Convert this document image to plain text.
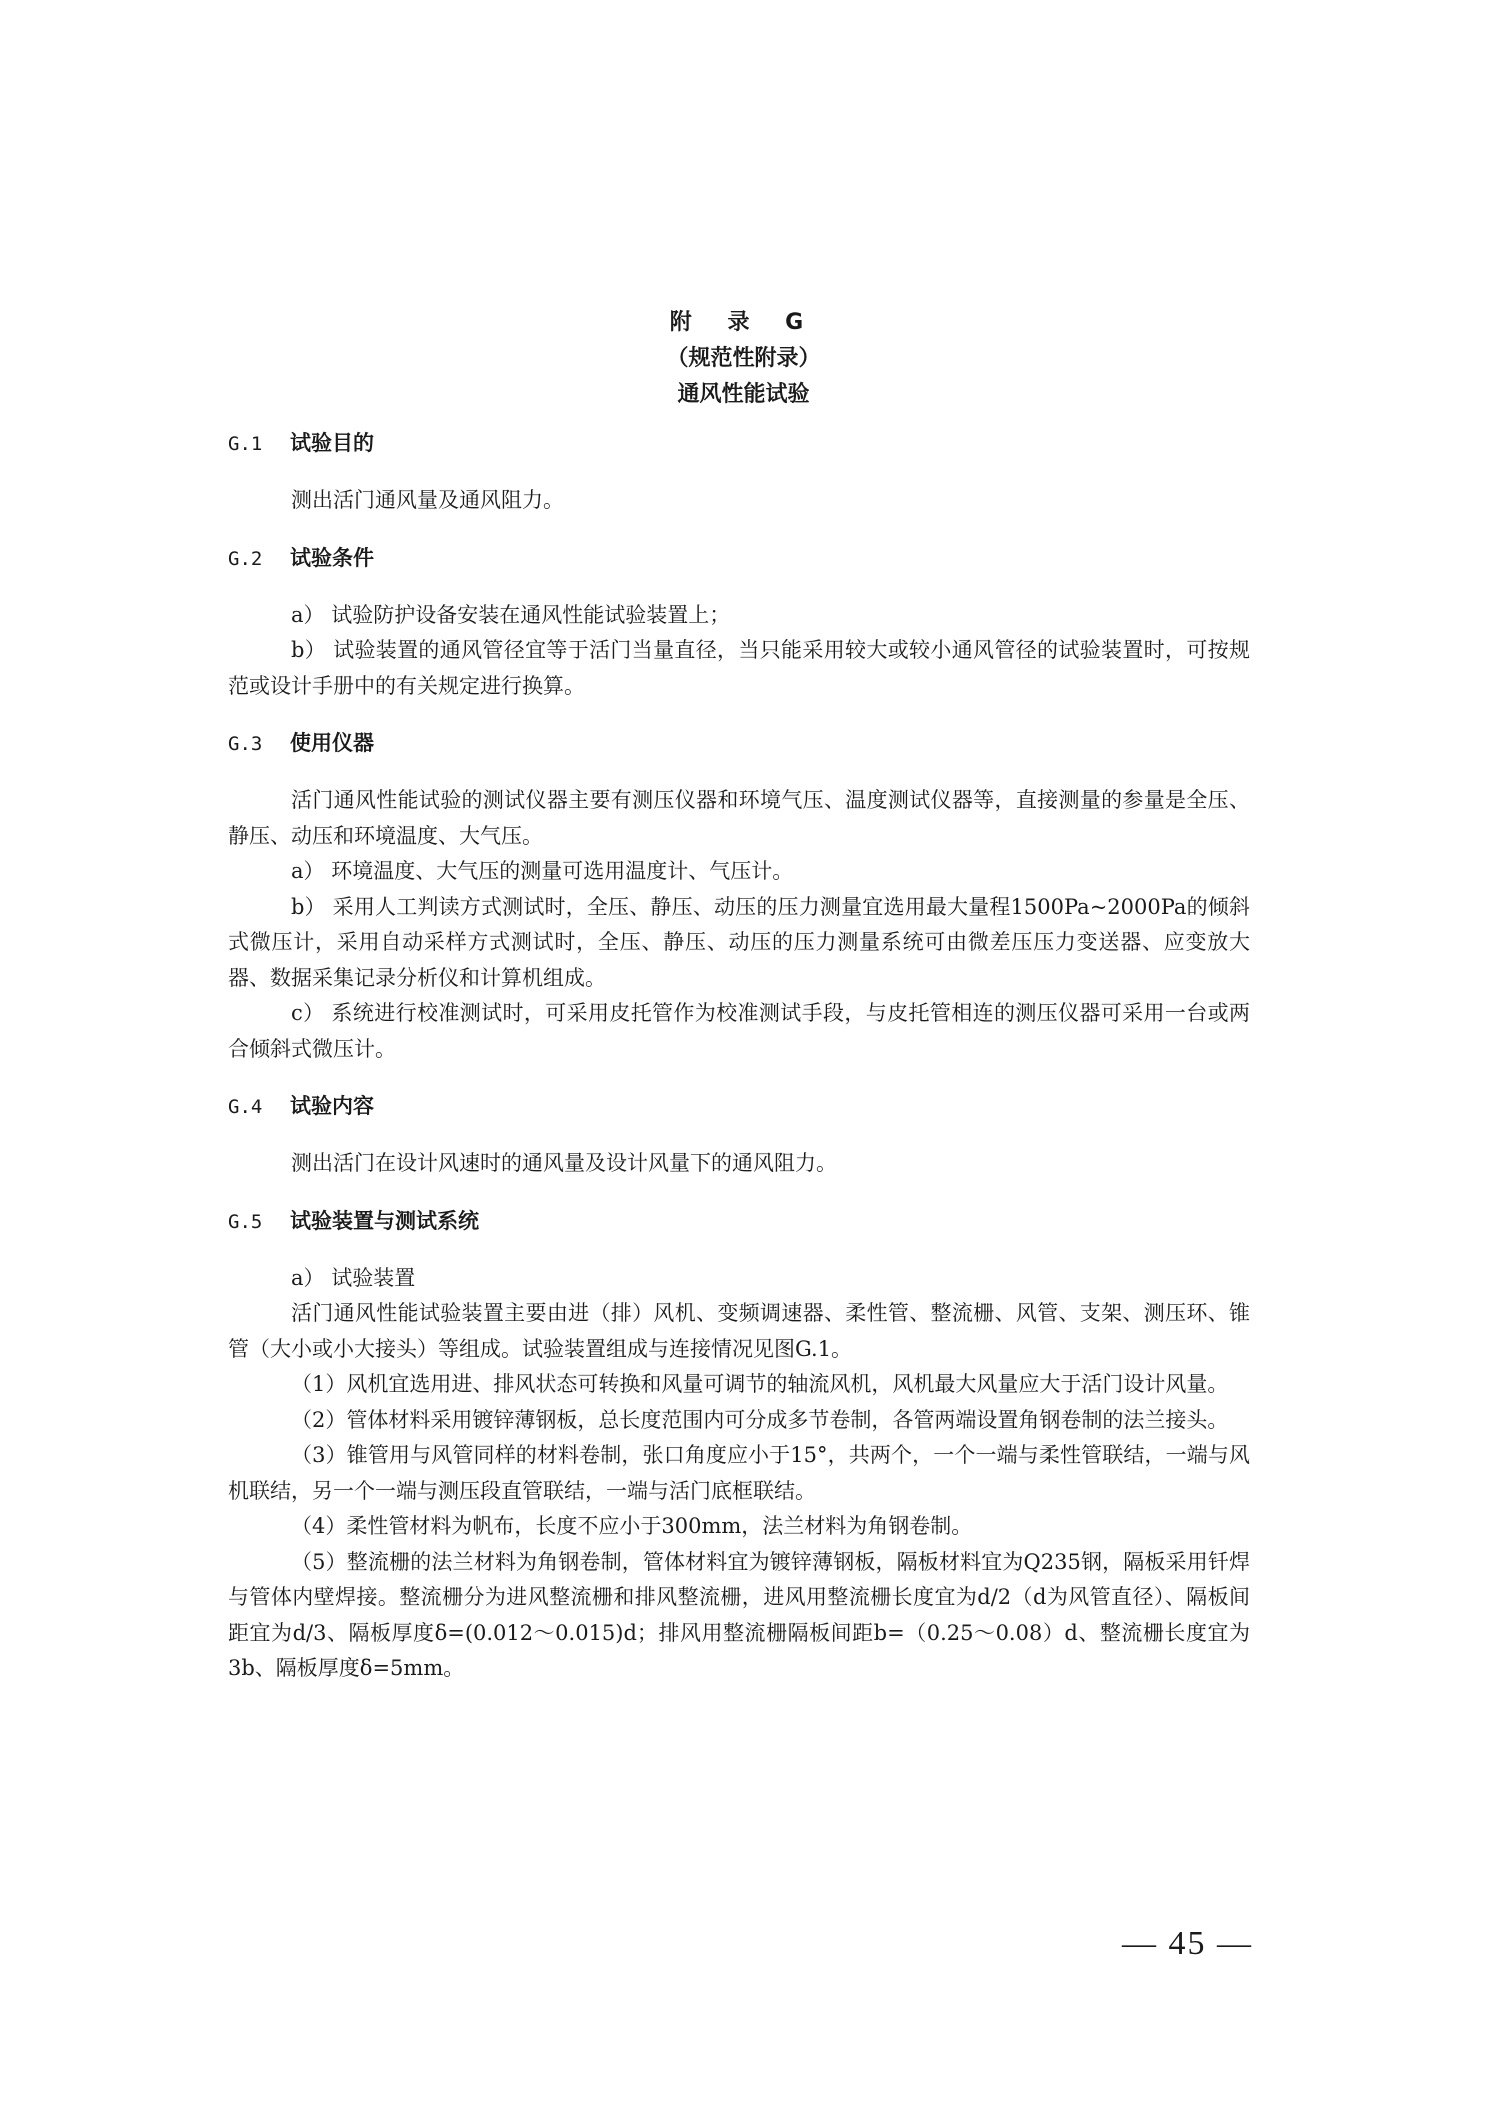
附 录 G
（规范性附录）
通风性能试验
G.1 试验目的

测出活门通风量及通风阻力。

G.2 试验条件

a） 试验防护设备安装在通风性能试验装置上；

b） 试验装置的通风管径宜等于活门当量直径，当只能采用较大或较小通风管径的试验装置时，可按规范或设计手册中的有关规定进行换算。

G.3 使用仪器

活门通风性能试验的测试仪器主要有测压仪器和环境气压、温度测试仪器等，直接测量的参量是全压、静压、动压和环境温度、大气压。

a） 环境温度、大气压的测量可选用温度计、气压计。

b） 采用人工判读方式测试时，全压、静压、动压的压力测量宜选用最大量程1500Pa~2000Pa的倾斜式微压计，采用自动采样方式测试时，全压、静压、动压的压力测量系统可由微差压压力变送器、应变放大器、数据采集记录分析仪和计算机组成。

c） 系统进行校准测试时，可采用皮托管作为校准测试手段，与皮托管相连的测压仪器可采用一台或两合倾斜式微压计。

G.4 试验内容

测出活门在设计风速时的通风量及设计风量下的通风阻力。

G.5 试验装置与测试系统

a） 试验装置

活门通风性能试验装置主要由进（排）风机、变频调速器、柔性管、整流栅、风管、支架、测压环、锥管（大小或小大接头）等组成。试验装置组成与连接情况见图G.1。

（1）风机宜选用进、排风状态可转换和风量可调节的轴流风机，风机最大风量应大于活门设计风量。

（2）管体材料采用镀锌薄钢板，总长度范围内可分成多节卷制，各管两端设置角钢卷制的法兰接头。

（3）锥管用与风管同样的材料卷制，张口角度应小于15°，共两个，一个一端与柔性管联结，一端与风机联结，另一个一端与测压段直管联结，一端与活门底框联结。

（4）柔性管材料为帆布，长度不应小于300mm，法兰材料为角钢卷制。

（5）整流栅的法兰材料为角钢卷制，管体材料宜为镀锌薄钢板，隔板材料宜为Q235钢，隔板采用钎焊与管体内壁焊接。整流栅分为进风整流栅和排风整流栅，进风用整流栅长度宜为d/2（d为风管直径）、隔板间距宜为d/3、隔板厚度δ=(0.012～0.015)d；排风用整流栅隔板间距b=（0.25～0.08）d、整流栅长度宜为3b、隔板厚度δ=5mm。

— 45 —
